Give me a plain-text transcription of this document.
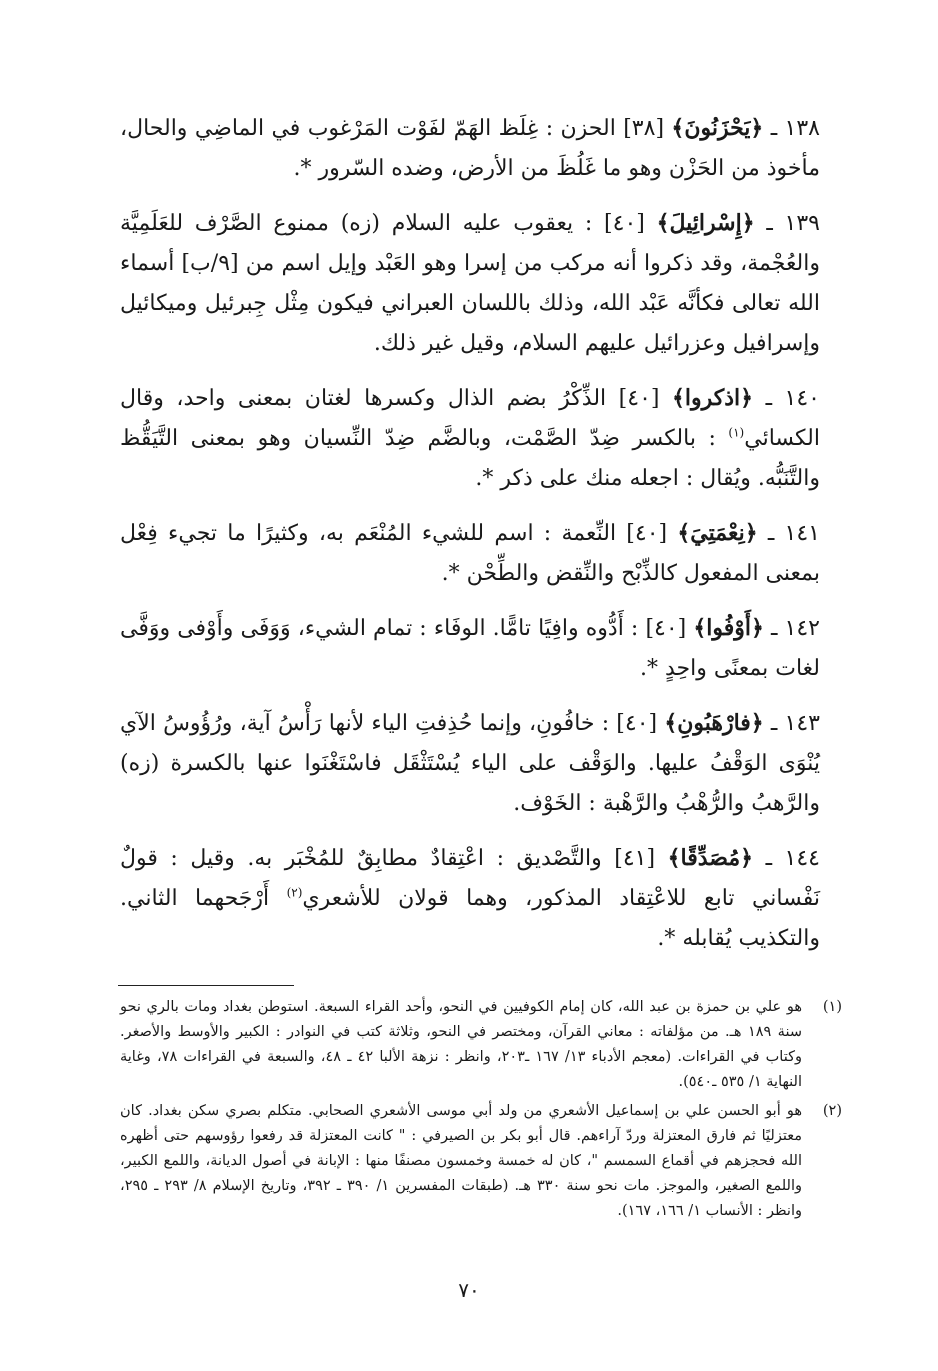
١٣٨ ـ ﴿يَحْزَنُونَ﴾ [٣٨] الحزن : غِلَظ الهَمّ لفَوْت المَرْغوب في الماضِي والحال، مأخوذ من الحَزْن وهو ما غَلُظَ من الأرض، وضده السّرور *.

١٣٩ ـ ﴿إِسْرائِيلَ﴾ [٤٠] : يعقوب عليه السلام (زه) ممنوع الصَّرْف للعَلَمِيَّة والعُجْمة، وقد ذكروا أنه مركب من إسرا وهو العَبْد وإيل اسم من [٩/ب] أسماء الله تعالى فكأنَّه عَبْد الله، وذلك باللسان العبراني فيكون مِثْل جِبرئيل وميكائيل وإسرافيل وعزرائيل عليهم السلام، وقيل غير ذلك.

١٤٠ ـ ﴿اذكروا﴾ [٤٠] الذِّكْرُ بضم الذال وكسرها لغتان بمعنى واحد، وقال الكسائي$^{(١)}$ : بالكسر ضِدّ الصَّمْت، وبالضَّم ضِدّ النِّسيان وهو بمعنى التَّيَقُّظ والتَّنَبُّه. ويُقال : اجعله منك على ذكر *.

١٤١ ـ ﴿نِعْمَتِيَ﴾ [٤٠] النِّعمة : اسم للشيء المُنْعَم به، وكثيرًا ما تجيء فِعْل بمعنى المفعول كالذِّبْح والنِّقض والطِّحْن *.

١٤٢ ـ ﴿أَوْفُوا﴾ [٤٠] : أَدُّوه وافِيًا تامًّا. الوفَاء : تمام الشيء، وَوَفَى وأَوْفى ووَفَّى لغات بمعنًى واحِدٍ *.

١٤٣ ـ ﴿فارْهَبُونِ﴾ [٤٠] : خافُونِ، وإنما حُذِفتِ الياء لأنها رَأْسُ آية، ورُؤُوسُ الآي يُنْوَى الوَقْفُ عليها. والوَقْف على الياء يُسْتَثْقَل فاسْتَغْنَوا عنها بالكسرة (زه) والرَّهبُ والرُّهْبُ والرَّهْبة : الخَوْف.

١٤٤ ـ ﴿مُصَدِّقًا﴾ [٤١] والتَّصْديق : اعْتِقادٌ مطابِقٌ للمُخْبَر به. وقيل : قولٌ نَفْساني تابع للاعْتِقاد المذكور، وهما قولان للأشعري$^{(٢)}$ أَرْجَحهما الثاني. والتكذيب يُقابله *.

(١)
هو علي بن حمزة بن عبد الله، كان إمام الكوفيين في النحو، وأحد القراء السبعة. استوطن بغداد ومات بالري نحو سنة ١٨٩ هـ. من مؤلفاته : معاني القرآن، ومختصر في النحو، وثلاثة كتب في النوادر : الكبير والأوسط والأصغر. وكتاب في القراءات. (معجم الأدباء ١٣/ ١٦٧ ـ٢٠٣، وانظر : نزهة الألبا ٤٢ ـ ٤٨، والسبعة في القراءات ٧٨، وغاية النهاية ١/ ٥٣٥ ـ٥٤٠).
(٢)
هو أبو الحسن علي بن إسماعيل الأشعري من ولد أبي موسى الأشعري الصحابي. متكلم بصري سكن بغداد. كان معتزليًا ثم فارق المعتزلة وردّ آراءهم. قال أبو بكر بن الصيرفي : " كانت المعتزلة قد رفعوا رؤوسهم حتى أظهره الله فحجزهم في أقماع السمسم "، كان له خمسة وخمسون مصنفًا منها : الإبانة في أصول الديانة، واللمع الكبير، واللمع الصغير، والموجز. مات نحو سنة ٣٣٠ هـ. (طبقات المفسرين ١/ ٣٩٠ ـ ٣٩٢، وتاريخ الإسلام ٨/ ٢٩٣ ـ ٢٩٥، وانظر : الأنساب ١/ ١٦٦، ١٦٧).
٧٠
